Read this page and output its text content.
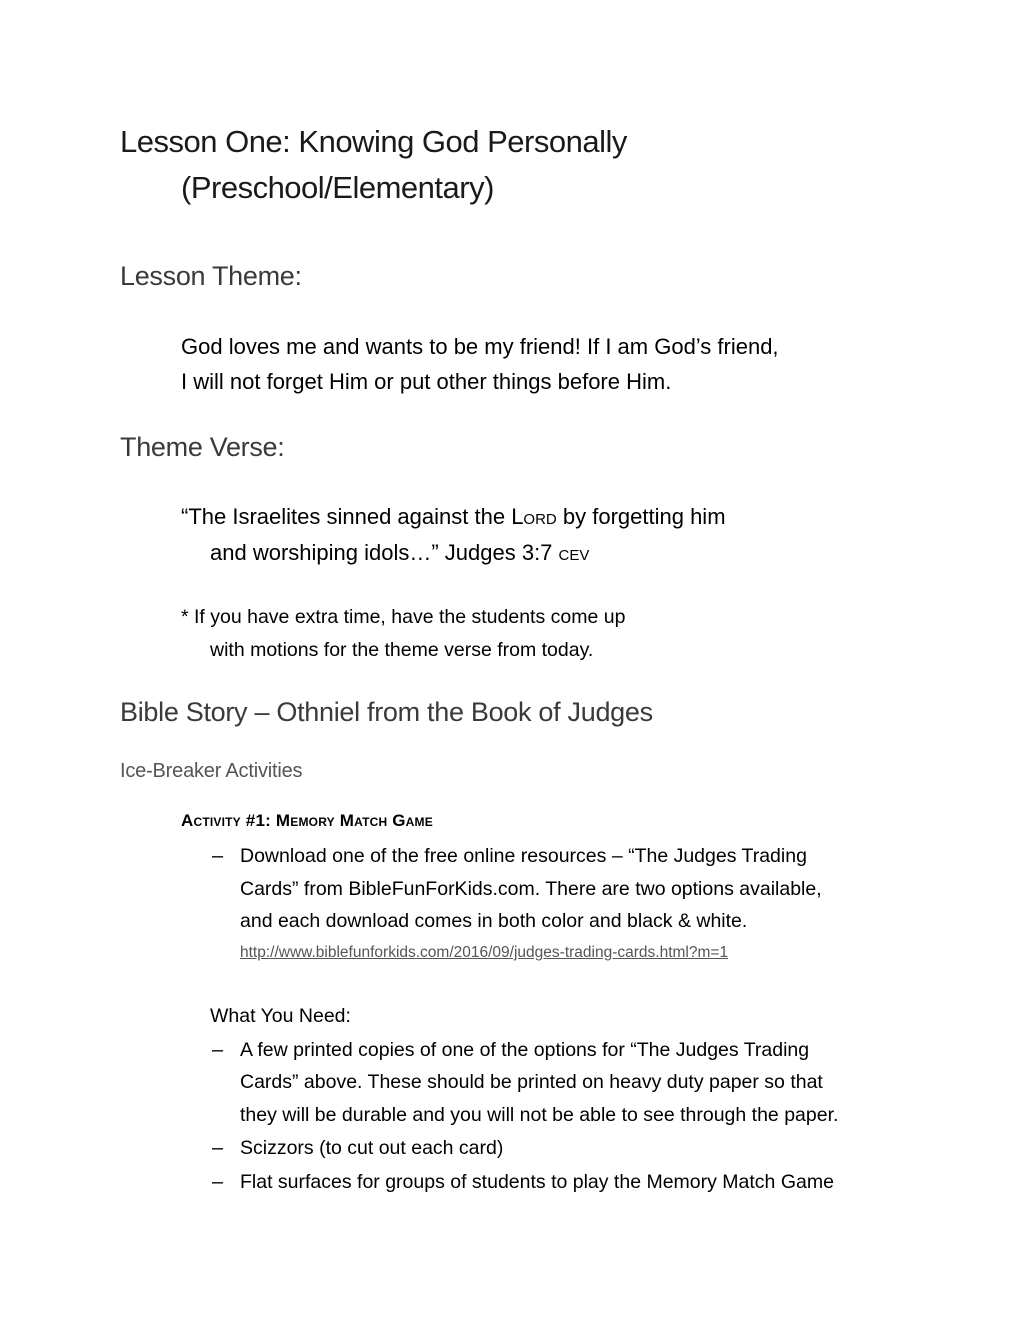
Lesson One: Knowing God Personally
(Preschool/Elementary)
Lesson Theme:
God loves me and wants to be my friend! If I am God’s friend,
I will not forget Him or put other things before Him.
Theme Verse:
“The Israelites sinned against the Lord by forgetting him
and worshiping idols…” Judges 3:7 cev
* If you have extra time, have the students come up
with motions for the theme verse from today.
Bible Story – Othniel from the Book of Judges
Ice-Breaker Activities
Activity #1: Memory Match Game
– Download one of the free online resources – “The Judges Trading
Cards” from BibleFunForKids.com. There are two options available,
and each download comes in both color and black & white.
http://www.biblefunforkids.com/2016/09/judges-trading-cards.html?m=1
What You Need:
– A few printed copies of one of the options for “The Judges Trading
Cards” above. These should be printed on heavy duty paper so that
they will be durable and you will not be able to see through the paper.
– Scizzors (to cut out each card)
– Flat surfaces for groups of students to play the Memory Match Game
